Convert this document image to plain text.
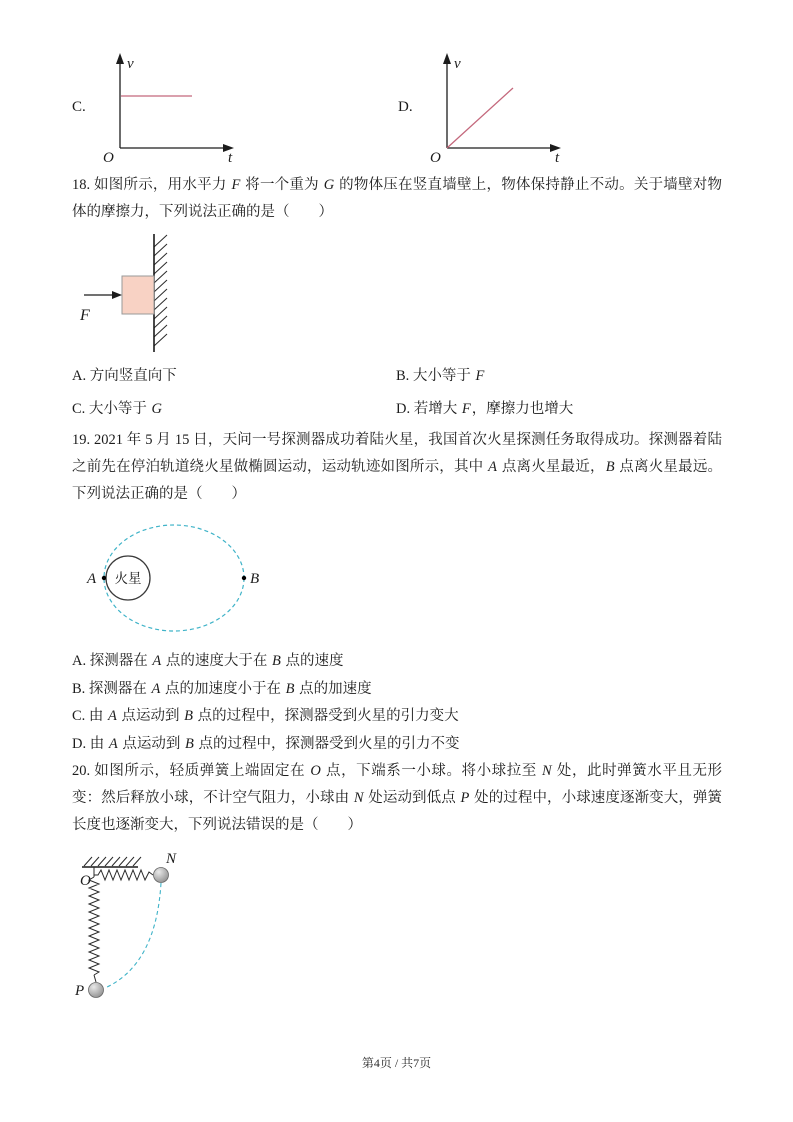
C.
v
t
O
D.
v
t
O

18. 如图所示，用水平力 F 将一个重为 G 的物体压在竖直墙壁上，物体保持静止不动。关于墙壁对物体的摩擦力，下列说法正确的是（　　）

F

A. 方向竖直向下	B. 大小等于 F

C. 大小等于 G	D. 若增大 F，摩擦力也增大

19. 2021 年 5 月 15 日，天问一号探测器成功着陆火星，我国首次火星探测任务取得成功。探测器着陆之前先在停泊轨道绕火星做椭圆运动，运动轨迹如图所示，其中 A 点离火星最近，B 点离火星最远。下列说法正确的是（　　）

火星
A	B

A. 探测器在 A 点的速度大于在 B 点的速度

B. 探测器在 A 点的加速度小于在 B 点的加速度

C. 由 A 点运动到 B 点的过程中，探测器受到火星的引力变大

D. 由 A 点运动到 B 点的过程中，探测器受到火星的引力不变

20. 如图所示，轻质弹簧上端固定在 O 点，下端系一小球。将小球拉至 N 处，此时弹簧水平且无形变：然后释放小球，不计空气阻力，小球由 N 处运动到低点 P 处的过程中，小球速度逐渐变大，弹簧长度也逐渐变大，下列说法错误的是（　　）

O
N
P
第4页 / 共7页
